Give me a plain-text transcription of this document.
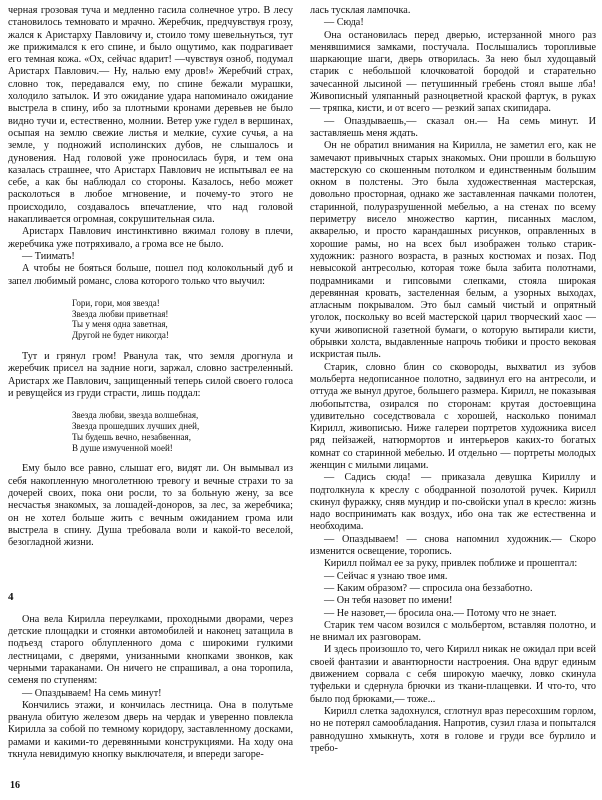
черная грозовая туча и медленно гасила солнечное утро. В лесу становилось темновато и мрачно. Жеребчик, предчувствуя грозу, жался к Аристарху Павловичу и, стоило тому шевельнуться, тут же прижимался к его спине, и было ощутимо, как подрагивает его темная кожа. «Ох, сейчас вдарит! —чувствуя озноб, подумал Аристарх Павлович.— Ну, налью ему дров!» Жеребчий страх, словно ток, передавался ему, по спине бежали мурашки, холодило затылок. И это ожидание удара напоминало ожидание выстрела в спину, ибо за плотными кронами деревьев не было видно тучи и, естественно, молнии. Ветер уже гудел в вершинах, осыпая на землю свежие листья и мелкие, сухие сучья, а на земле, у подножий исполинских дубов, не слышалось и дуновения. Над головой уже проносилась буря, и тем она казалась страшнее, что Аристарх Павлович не испытывал ее на себе, а как бы наблюдал со стороны. Казалось, небо может расколоться в любое мгновение, и почему-то этого не происходило, создавалось впечатление, что над головой накапливается огромная, сокрушительная сила.

Аристарх Павлович инстинктивно вжимал голову в плечи, жеребчика уже потряхивало, а грома все не было.

— Тиимать!

А чтобы не бояться больше, пошел под колокольный дуб и запел любимый романс, слова которого только что выучил:

Гори, гори, моя звезда!
Звезда любви приветная!
Ты у меня одна заветная,
Другой не будет никогда!

Тут и грянул гром! Рванула так, что земля дрогнула и жеребчик присел на задние ноги, заржал, словно застреленный. Аристарх же Павлович, защищенный теперь силой своего голоса и ревущейся из груди страсти, лишь поддал:

Звезда любви, звезда волшебная,
Звезда прошедших лучших дней,
Ты будешь вечно, незабвенная,
В душе измученной моей!

Ему было все равно, слышат его, видят ли. Он вымывал из себя накопленную многолетнюю тревогу и вечные страхи то за дочерей своих, пока они росли, то за больную жену, за все несчастья знакомых, за лошадей-доноров, за лес, за жеребчика; он не хотел больше жить с вечным ожиданием грома или выстрела в спину. Душа требовала воли и какой-то веселой, безогладной жизни.

4

Она вела Кирилла переулками, проходными дворами, через детские площадки и стоянки автомобилей и наконец затащила в подъезд старого облупленного дома с широкими гулкими лестницами, с дверями, унизанными кнопками звонков, как черными тараканами. Он ничего не спрашивал, а она торопила, семеня по ступеням:

— Опаздываем! На семь минут!

Кончились этажи, и кончилась лестница. Она в полутьме рванула обитую железом дверь на чердак и уверенно повлекла Кирилла за собой по темному коридору, заставленному досками, рамами и какими-то деревянными конструкциями. На ходу она ткнула невидимую кнопку выключателя, и впереди загоре-

лась тусклая лампочка.

— Сюда!

Она остановилась перед дверью, истерзанной много раз менявшимися замками, постучала. Послышались торопливые шаркающие шаги, дверь отворилась. За нею был худощавый старик с небольшой клочковатой бородой и старательно зачесанной лысиной — петушинный гребень стоял выше лба! Живописный уляпанный разноцветной краской фартук, в руках — тряпка, кисти, и от всего — резкий запах скипидара.

— Опаздываешь,— сказал он.— На семь минут. И заставляешь меня ждать.

Он не обратил внимания на Кирилла, не заметил его, как не замечают привычных старых знакомых. Они прошли в большую мастерскую со скошенным потолком и единственным большим окном в полстены. Это была художественная мастерская, довольно просторная, однако же заставленная пачками полотен, старинной, полуразрушенной мебелью, а на стенах по всему периметру висело множество картин, писанных маслом, акварелью, и просто карандашных рисунков, оправленных в хорошие рамы, но на всех был изображен только старик-художник: разного возраста, в разных костюмах и позах. Под невысокой антресолью, которая тоже была забита полотнами, подрамниками и гипсовыми слепками, стояла широкая деревянная кровать, застеленная белым, а узорных выходах, атласным покрывалом. Это был самый чистый и опрятный уголок, поскольку во всей мастерской царил творческий хаос — кучи живописной газетной бумаги, о которую вытирали кисти, обрывки холста, выдавленные напрочь тюбики и просто вековая искристая пыль.

Старик, словно блин со сковороды, выхватил из зубов мольберта недописанное полотно, задвинул его на антресоли, и оттуда же вынул другое, большего размера. Кирилл, не показывая любопытства, озирался по сторонам: крутая достоевщина удивительно соседствовала с хорошей, насколько понимал Кирилл, живописью. Ниже галереи портретов художника висел ряд пейзажей, натюрмортов и интерьеров каких-то богатых комнат со старинной мебелью. И отдельно — портреты молодых женщин с милыми лицами.

— Садись сюда! — приказала девушка Кириллу и подтолкнула к креслу с ободранной позолотой ручек. Кирилл скинул фуражку, сняв мундир и по-свойски упал в кресло: жизнь надо воспринимать как воздух, ибо она так же естественна и необходима.

— Опаздываем! — снова напомнил художник.— Скоро изменится освещение, торопись.

Кирилл поймал ее за руку, привлек поближе и прошептал:

— Сейчас я узнаю твое имя.

— Каким образом? — спросила она беззаботно.

— Он тебя назовет по имени!

— Не назовет,— бросила она.— Потому что не знает.

Старик тем часом возился с мольбертом, вставляя полотно, и не внимал их разговорам.

И здесь произошло то, чего Кирилл никак не ожидал при всей своей фантазии и авантюрности настроения. Она вдруг единым движением сорвала с себя широкую маечку, ловко скинула туфельки и сдернула брючки из ткани-плащевки. И что-то, что было под брюками,— тоже...

Кирилл слетка задохнулся, сглотнул враз пересохшим горлом, но не потерял самообладания. Напротив, сузил глаза и попытался равнодушно хмыкнуть, хотя в голове и груди все бурлило и требо-

16
